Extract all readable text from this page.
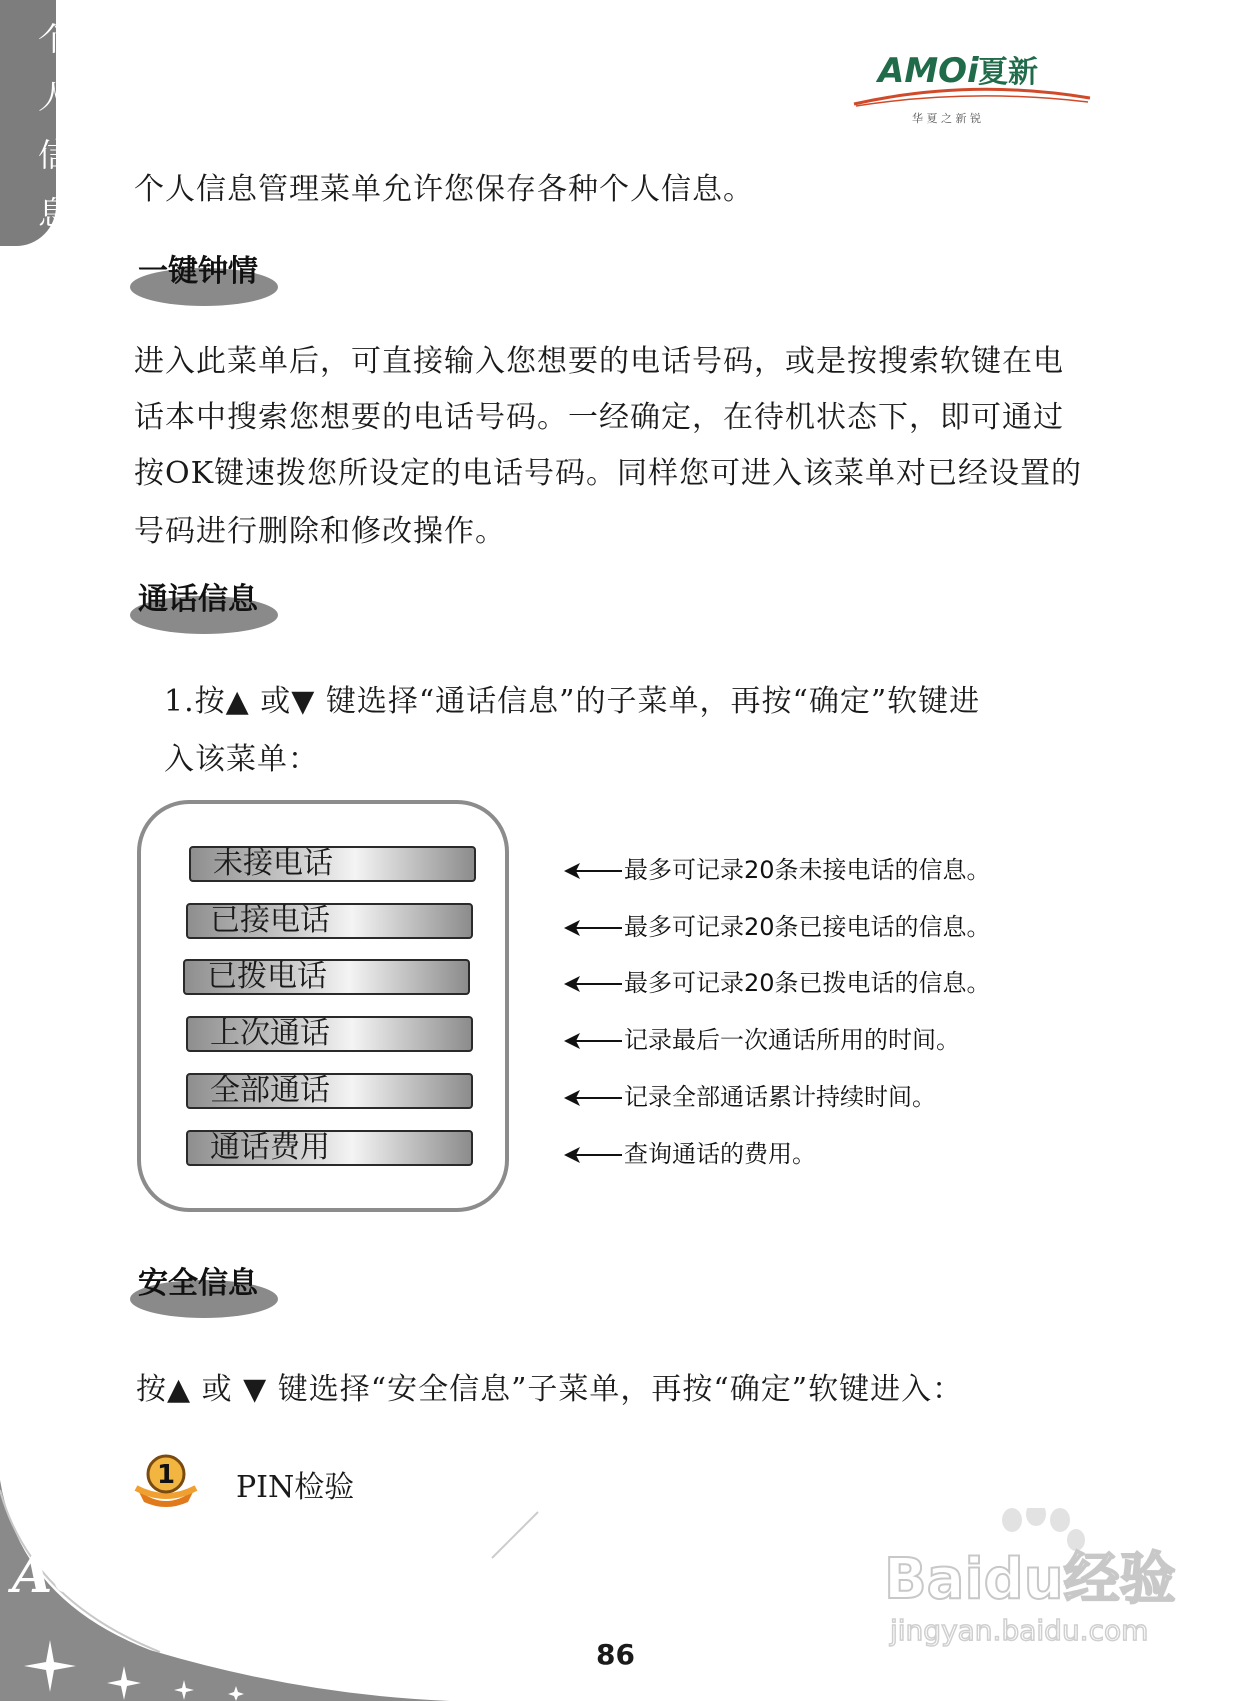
个
人
信
息
AMOi 夏新
华 夏 之 新 锐

个人信息管理菜单允许您保存各种个人信息。

一键钟情

进入此菜单后，可直接输入您想要的电话号码，或是按搜索软键在电

话本中搜索您想要的电话号码。一经确定，在待机状态下，即可通过

按OK键速拨您所设定的电话号码。同样您可进入该菜单对已经设置的

号码进行删除和修改操作。

通话信息

1.按▲ 或▼ 键选择“通话信息”的子菜单，再按“确定”软键进

入该菜单：

未接电话
已接电话
已拨电话
上次通话
全部通话
通话费用
最多可记录20条未接电话的信息。
最多可记录20条已接电话的信息。
最多可记录20条已拨电话的信息。
记录最后一次通话所用的时间。
记录全部通话累计持续时间。
查询通话的费用。
安全信息

按▲ 或 ▼ 键选择“安全信息”子菜单，再按“确定”软键进入：

1 PIN检验
A6
86
Baidu经验
jingyan.baidu.com
